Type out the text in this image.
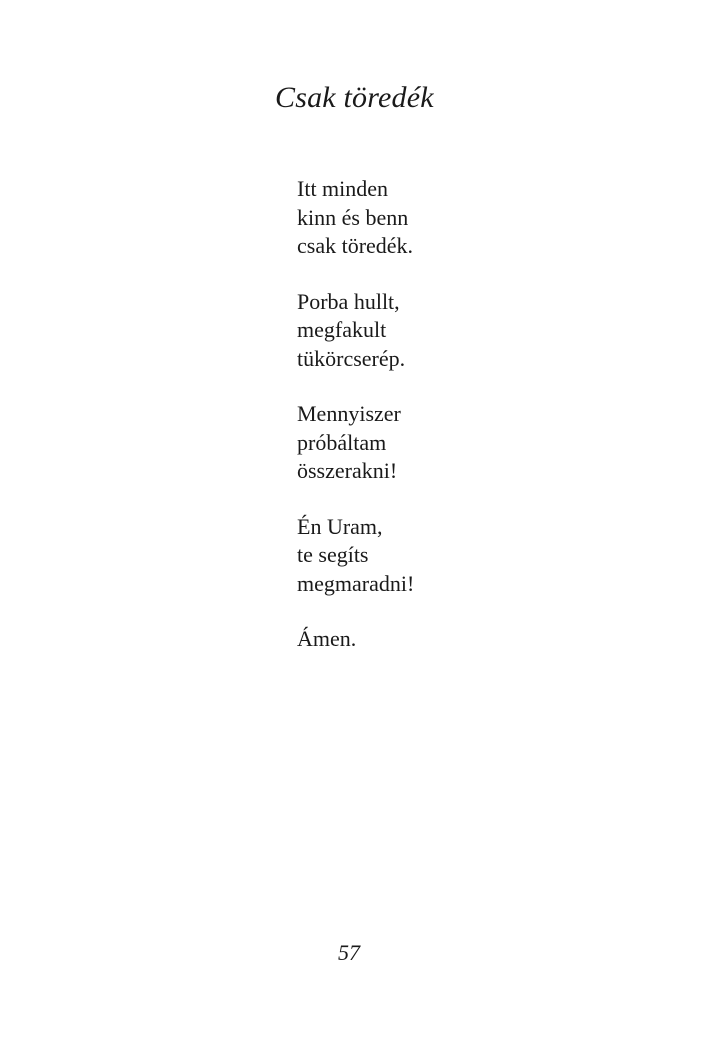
Csak töredék
Itt minden
kinn és benn
csak töredék.
Porba hullt,
megfakult
tükörcserép.
Mennyiszer
próbáltam
összerakni!
Én Uram,
te segíts
megmaradni!
Ámen.
57
